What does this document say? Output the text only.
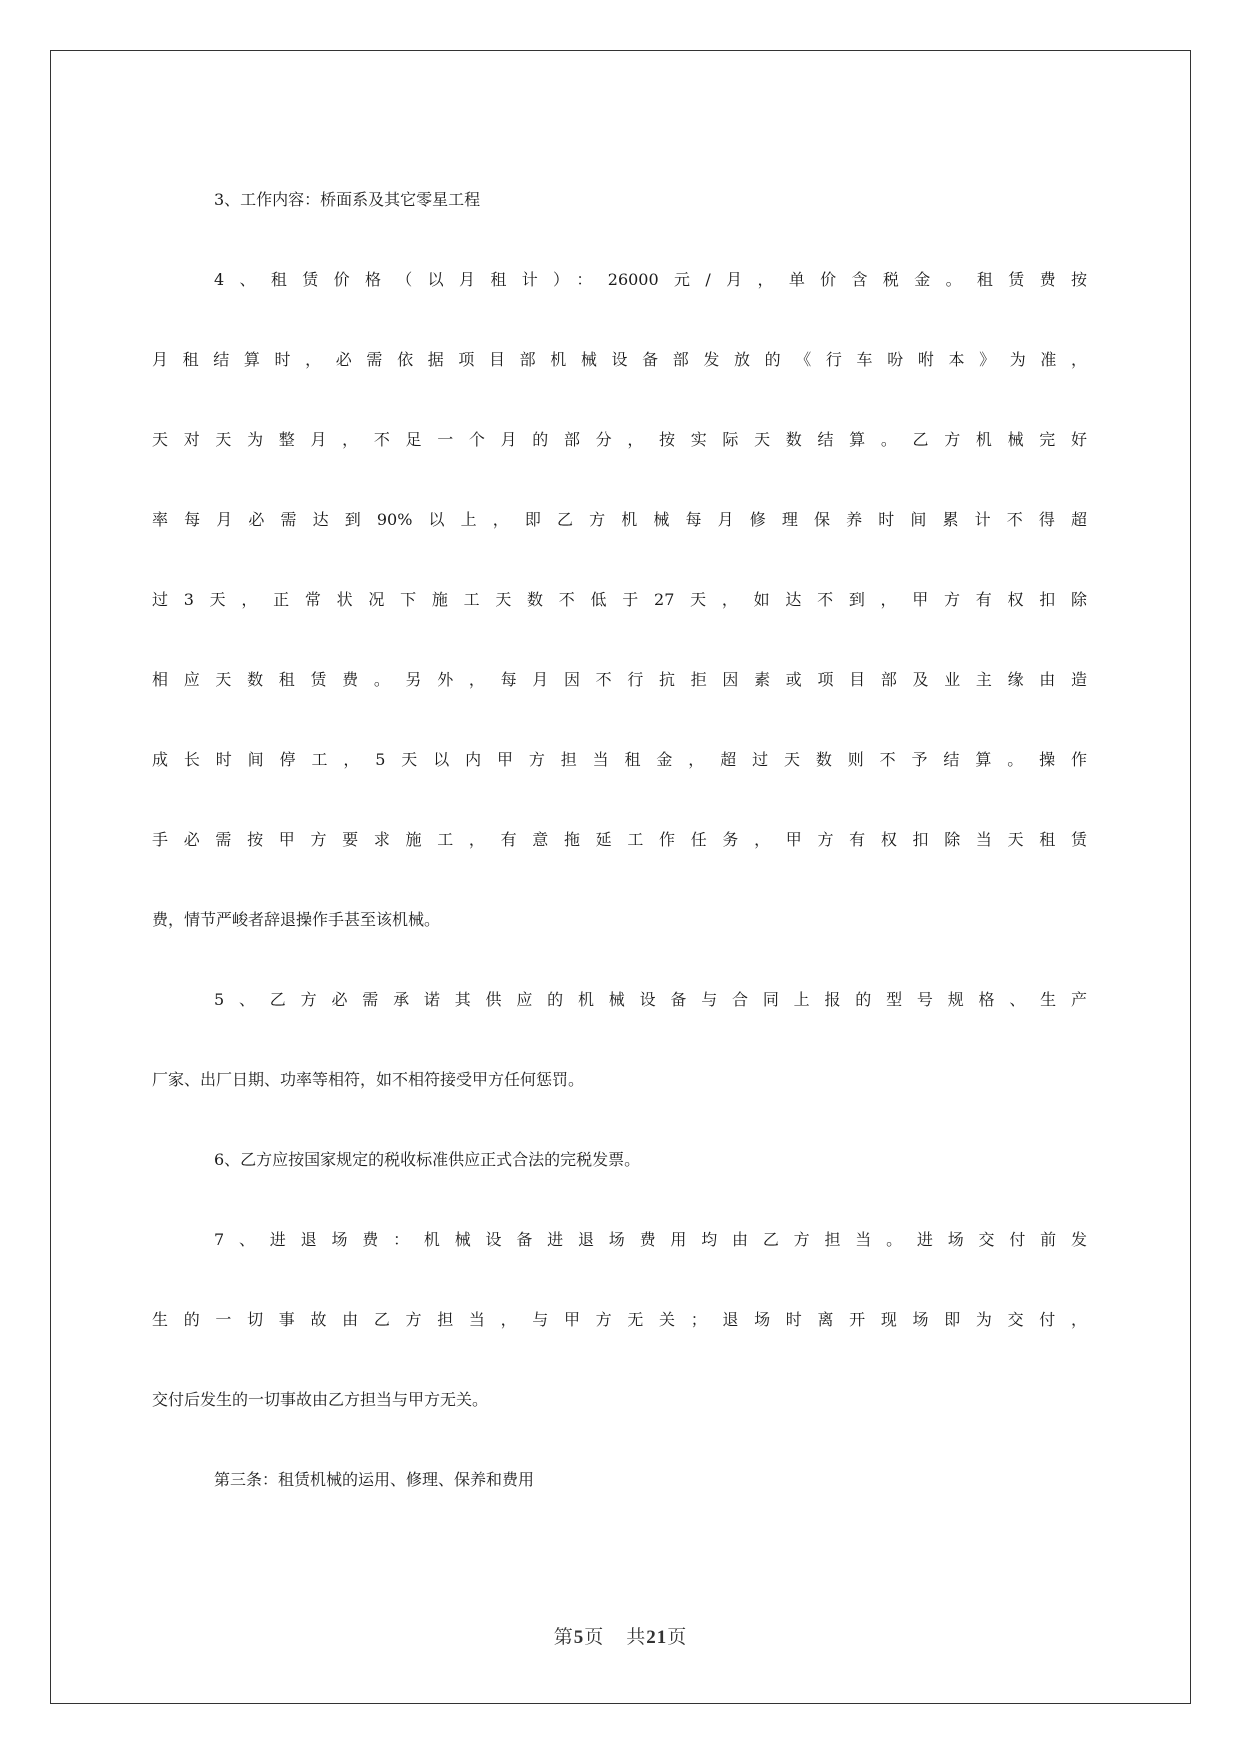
3、工作内容：桥面系及其它零星工程
4、租赁价格（以月租计）：26000元/月，单价含税金。租赁费按
月租结算时，必需依据项目部机械设备部发放的《行车吩咐本》为准，
天对天为整月，不足一个月的部分，按实际天数结算。乙方机械完好
率每月必需达到90%以上，即乙方机械每月修理保养时间累计不得超
过3天，正常状况下施工天数不低于27天，如达不到，甲方有权扣除
相应天数租赁费。另外，每月因不行抗拒因素或项目部及业主缘由造
成长时间停工，5天以内甲方担当租金，超过天数则不予结算。操作
手必需按甲方要求施工，有意拖延工作任务，甲方有权扣除当天租赁
费，情节严峻者辞退操作手甚至该机械。
5、乙方必需承诺其供应的机械设备与合同上报的型号规格、生产
厂家、出厂日期、功率等相符，如不相符接受甲方任何惩罚。
6、乙方应按国家规定的税收标准供应正式合法的完税发票。
7、进退场费：机械设备进退场费用均由乙方担当。进场交付前发
生的一切事故由乙方担当，与甲方无关；退场时离开现场即为交付，
交付后发生的一切事故由乙方担当与甲方无关。
第三条：租赁机械的运用、修理、保养和费用
第5页 共21页
